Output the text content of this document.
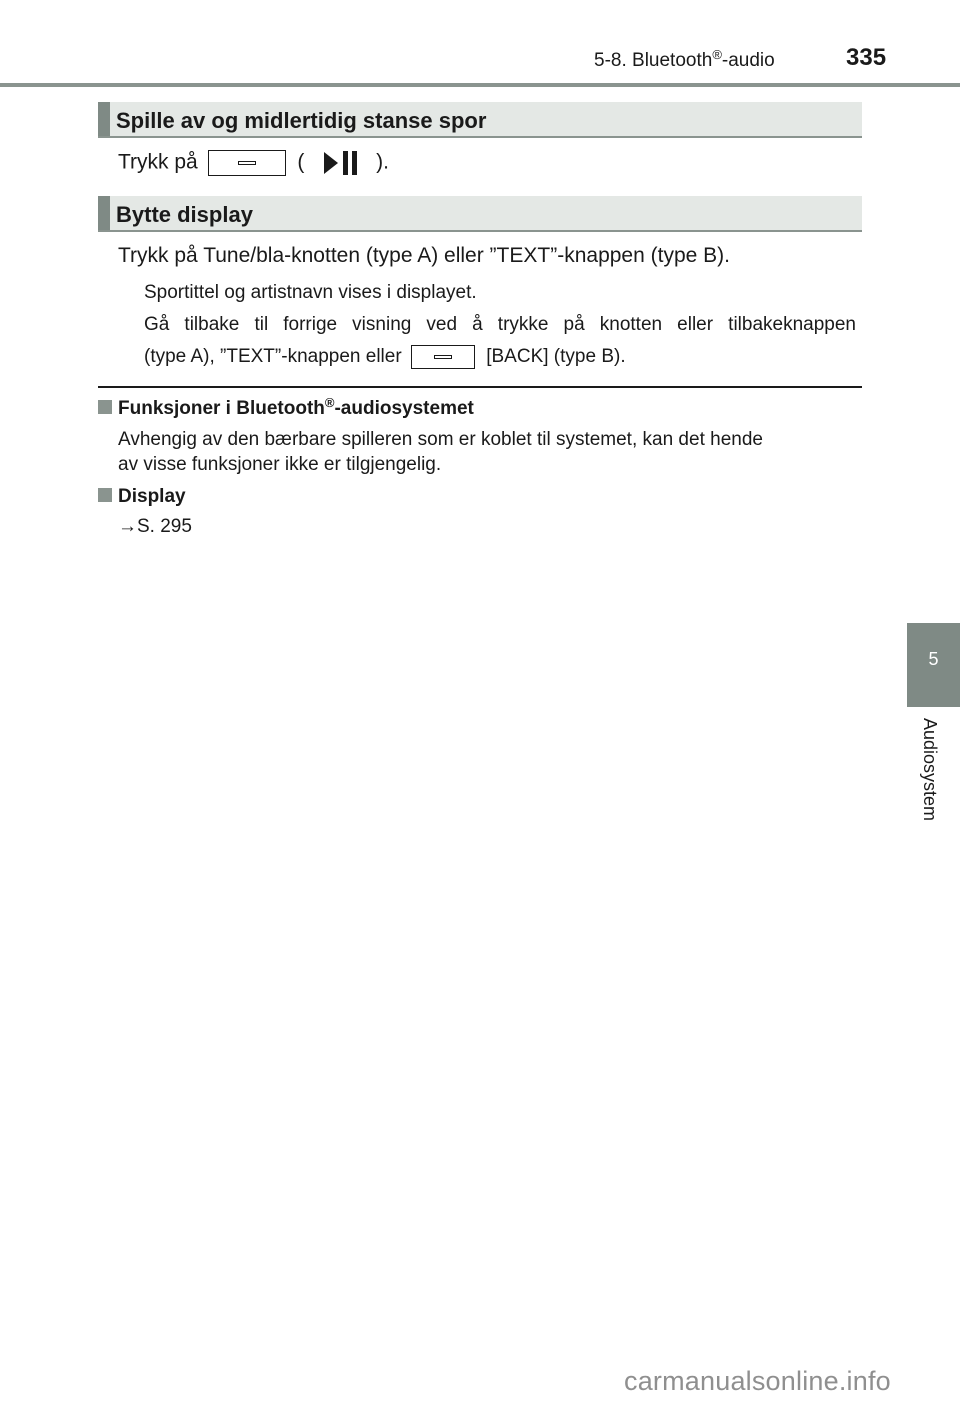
5-8. Bluetooth®-audio	335
Spille av og midlertidig stanse spor
Trykk på	(	).
Bytte display
Trykk på Tune/bla-knotten (type A) eller ”TEXT”-knappen (type B).
Sportittel og artistnavn vises i displayet.
Gå tilbake til forrige visning ved å trykke på knotten eller tilbakeknappen
(type A), ”TEXT”-knappen eller	[BACK] (type B).
Funksjoner i Bluetooth®-audiosystemet
Avhengig av den bærbare spilleren som er koblet til systemet, kan det hende
av visse funksjoner ikke er tilgjengelig.
Display
→S. 295
5
Audiosystem
carmanualsonline.info
